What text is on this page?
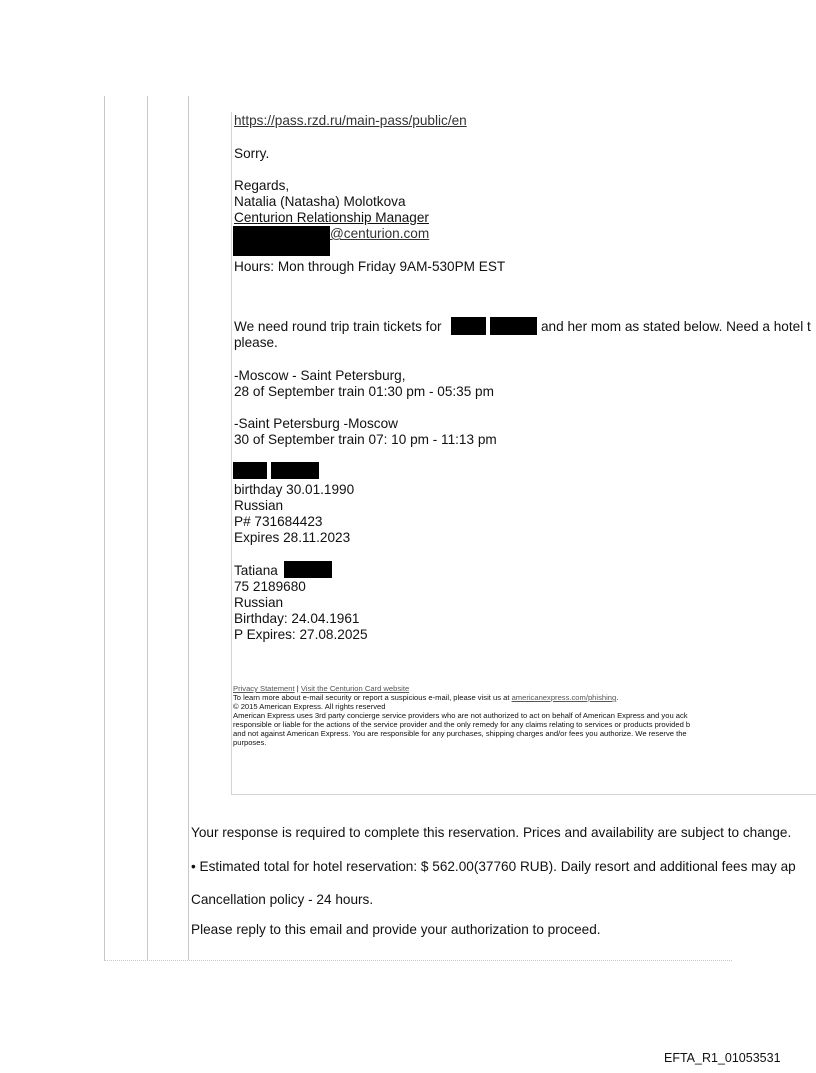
https://pass.rzd.ru/main-pass/public/en
Sorry.
Regards,
Natalia (Natasha) Molotkova
Centurion Relationship Manager
@centurion.com
Hours: Mon through Friday 9AM-530PM EST
We need round trip train tickets for	and her mom as stated below. Need a hotel t
please.
-Moscow - Saint Petersburg,
28 of September train 01:30 pm - 05:35 pm
-Saint Petersburg -Moscow
30 of September train 07: 10 pm - 11:13 pm
birthday 30.01.1990
Russian
P# 731684423
Expires 28.11.2023
Tatiana
75 2189680
Russian
Birthday: 24.04.1961
P Expires: 27.08.2025
Privacy Statement | Visit the Centurion Card website
To learn more about e-mail security or report a suspicious e-mail, please visit us at americanexpress.com/phishing.
© 2015 American Express. All rights reserved
American Express uses 3rd party concierge service providers who are not authorized to act on behalf of American Express and you ack
responsible or liable for the actions of the service provider and the only remedy for any claims relating to services or products provided b
and not against American Express. You are responsible for any purchases, shipping charges and/or fees you authorize. We reserve the
purposes.
Your response is required to complete this reservation. Prices and availability are subject to change.
• Estimated total for hotel reservation: $ 562.00(37760 RUB). Daily resort and additional fees may ap
Cancellation policy - 24 hours.
Please reply to this email and provide your authorization to proceed.
EFTA_R1_01053531
